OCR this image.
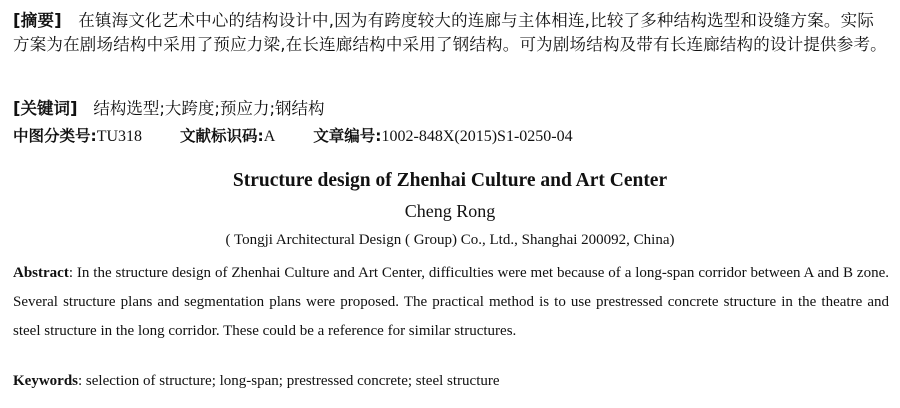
[摘要] 在镇海文化艺术中心的结构设计中,因为有跨度较大的连廊与主体相连,比较了多种结构选型和设缝方案。实际方案为在剧场结构中采用了预应力梁,在长连廊结构中采用了钢结构。可为剧场结构及带有长连廊结构的设计提供参考。
[关键词] 结构选型;大跨度;预应力;钢结构
中图分类号:TU318 文献标识码:A 文章编号:1002-848X(2015)S1-0250-04
Structure design of Zhenhai Culture and Art Center
Cheng Rong
( Tongji Architectural Design ( Group) Co., Ltd., Shanghai 200092, China)
Abstract: In the structure design of Zhenhai Culture and Art Center, difficulties were met because of a long-span corridor between A and B zone. Several structure plans and segmentation plans were proposed. The practical method is to use prestressed concrete structure in the theatre and steel structure in the long corridor. These could be a reference for similar structures.
Keywords: selection of structure; long-span; prestressed concrete; steel structure
